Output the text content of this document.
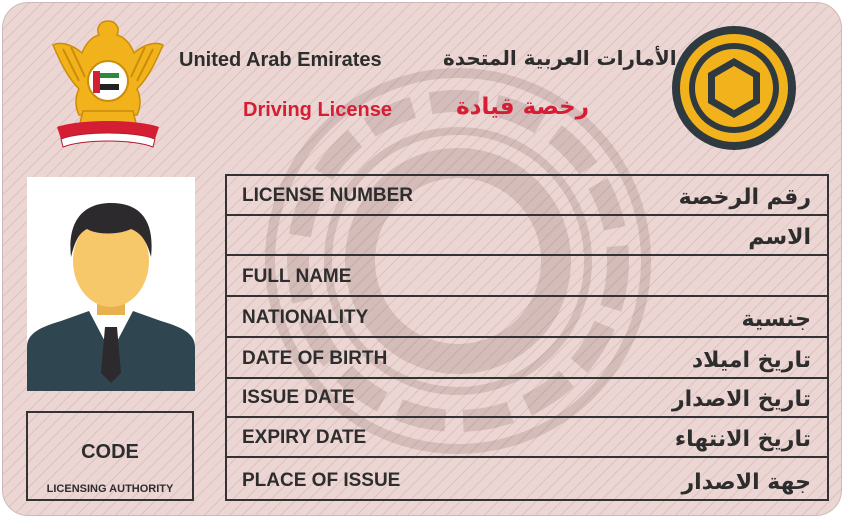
United Arab Emirates	الأمارات العربية المتحدة
Driving License	رخصة قيادة
CODE
LICENSING AUTHORITY
LICENSE NUMBER	رقم الرخصة
الاسم
FULL NAME
NATIONALITY	جنسية
DATE OF BIRTH	تاريخ اميلاد
ISSUE DATE	تاريخ الاصدار
EXPIRY DATE	تاريخ الانتهاء
PLACE OF ISSUE	جهة الاصدار
